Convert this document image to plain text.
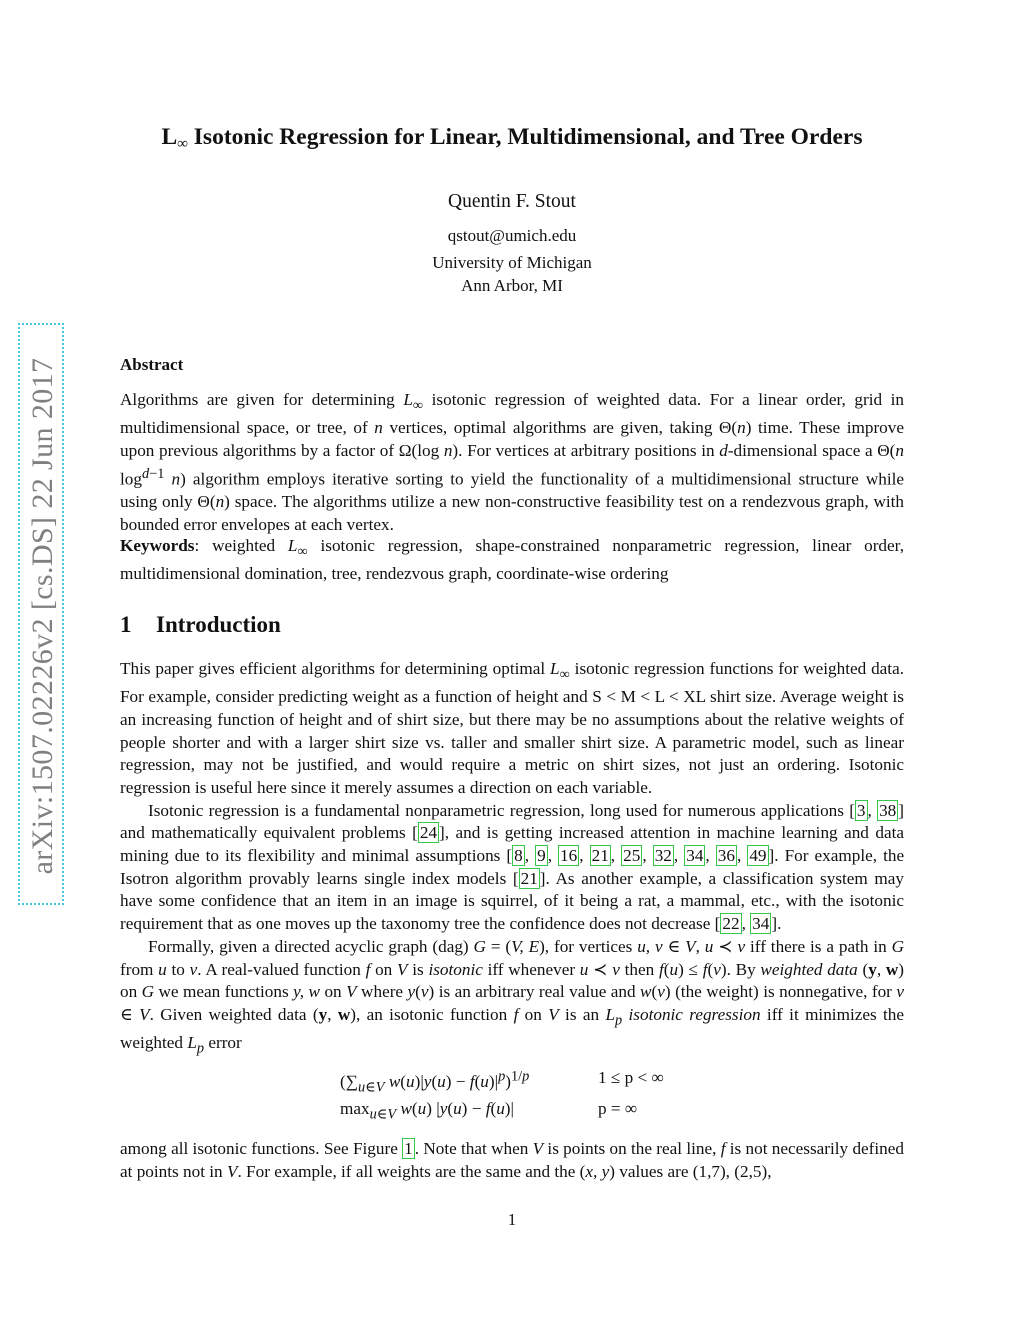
arXiv:1507.02226v2 [cs.DS] 22 Jun 2017
$L_\infty$ Isotonic Regression for Linear, Multidimensional, and Tree Orders
Quentin F. Stout
qstout@umich.edu
University of Michigan
Ann Arbor, MI
Abstract

Algorithms are given for determining $L_\infty$ isotonic regression of weighted data. For a linear order, grid in multidimensional space, or tree, of n vertices, optimal algorithms are given, taking Θ(n) time. These improve upon previous algorithms by a factor of Ω(log n). For vertices at arbitrary positions in d-dimensional space a Θ(n $\log^{d-1} n$) algorithm employs iterative sorting to yield the functionality of a multidimensional structure while using only Θ(n) space. The algorithms utilize a new non-constructive feasibility test on a rendezvous graph, with bounded error envelopes at each vertex.

Keywords: weighted $L_\infty$ isotonic regression, shape-constrained nonparametric regression, linear order, multidimensional domination, tree, rendezvous graph, coordinate-wise ordering

1 Introduction

This paper gives efficient algorithms for determining optimal $L_\infty$ isotonic regression functions for weighted data. For example, consider predicting weight as a function of height and S < M < L < XL shirt size. Average weight is an increasing function of height and of shirt size, but there may be no assumptions about the relative weights of people shorter and with a larger shirt size vs. taller and smaller shirt size. A parametric model, such as linear regression, may not be justified, and would require a metric on shirt sizes, not just an ordering. Isotonic regression is useful here since it merely assumes a direction on each variable.

Isotonic regression is a fundamental nonparametric regression, long used for numerous applications [ 3 , 38 ] and mathematically equivalent problems [ 24 ], and is getting increased attention in machine learning and data mining due to its flexibility and minimal assumptions [ 8 , 9 , 16 , 21 , 25 , 32 , 34 , 36 , 49 ]. For example, the Isotron algorithm provably learns single index models [ 21 ]. As another example, a classification system may have some confidence that an item in an image is squirrel, of it being a rat, a mammal, etc., with the isotonic requirement that as one moves up the taxonomy tree the confidence does not decrease [ 22 , 34 ].

Formally, given a directed acyclic graph (dag) G = (V, E), for vertices u, v ∈ V, u ≺ v iff there is a path in G from u to v. A real-valued function f on V is isotonic iff whenever u ≺ v then f(u) ≤ f(v). By weighted data (y, w) on G we mean functions y, w on V where y(v) is an arbitrary real value and w(v) (the weight) is nonnegative, for v ∈ V. Given weighted data (y, w), an isotonic function f on V is an $L_p$ isotonic regression iff it minimizes the weighted $L_p$ error

($\sum_{u\in V}$ $w(u)|y(u) - f(u)|^p)^{1/p}$	1 ≤ p < ∞
$\max_{u\in V} w(u) |y(u) - f(u)|$	p = ∞

among all isotonic functions. See Figure 1 . Note that when V is points on the real line, f is not necessarily defined at points not in V. For example, if all weights are the same and the (x, y) values are (1,7), (2,5),

1
